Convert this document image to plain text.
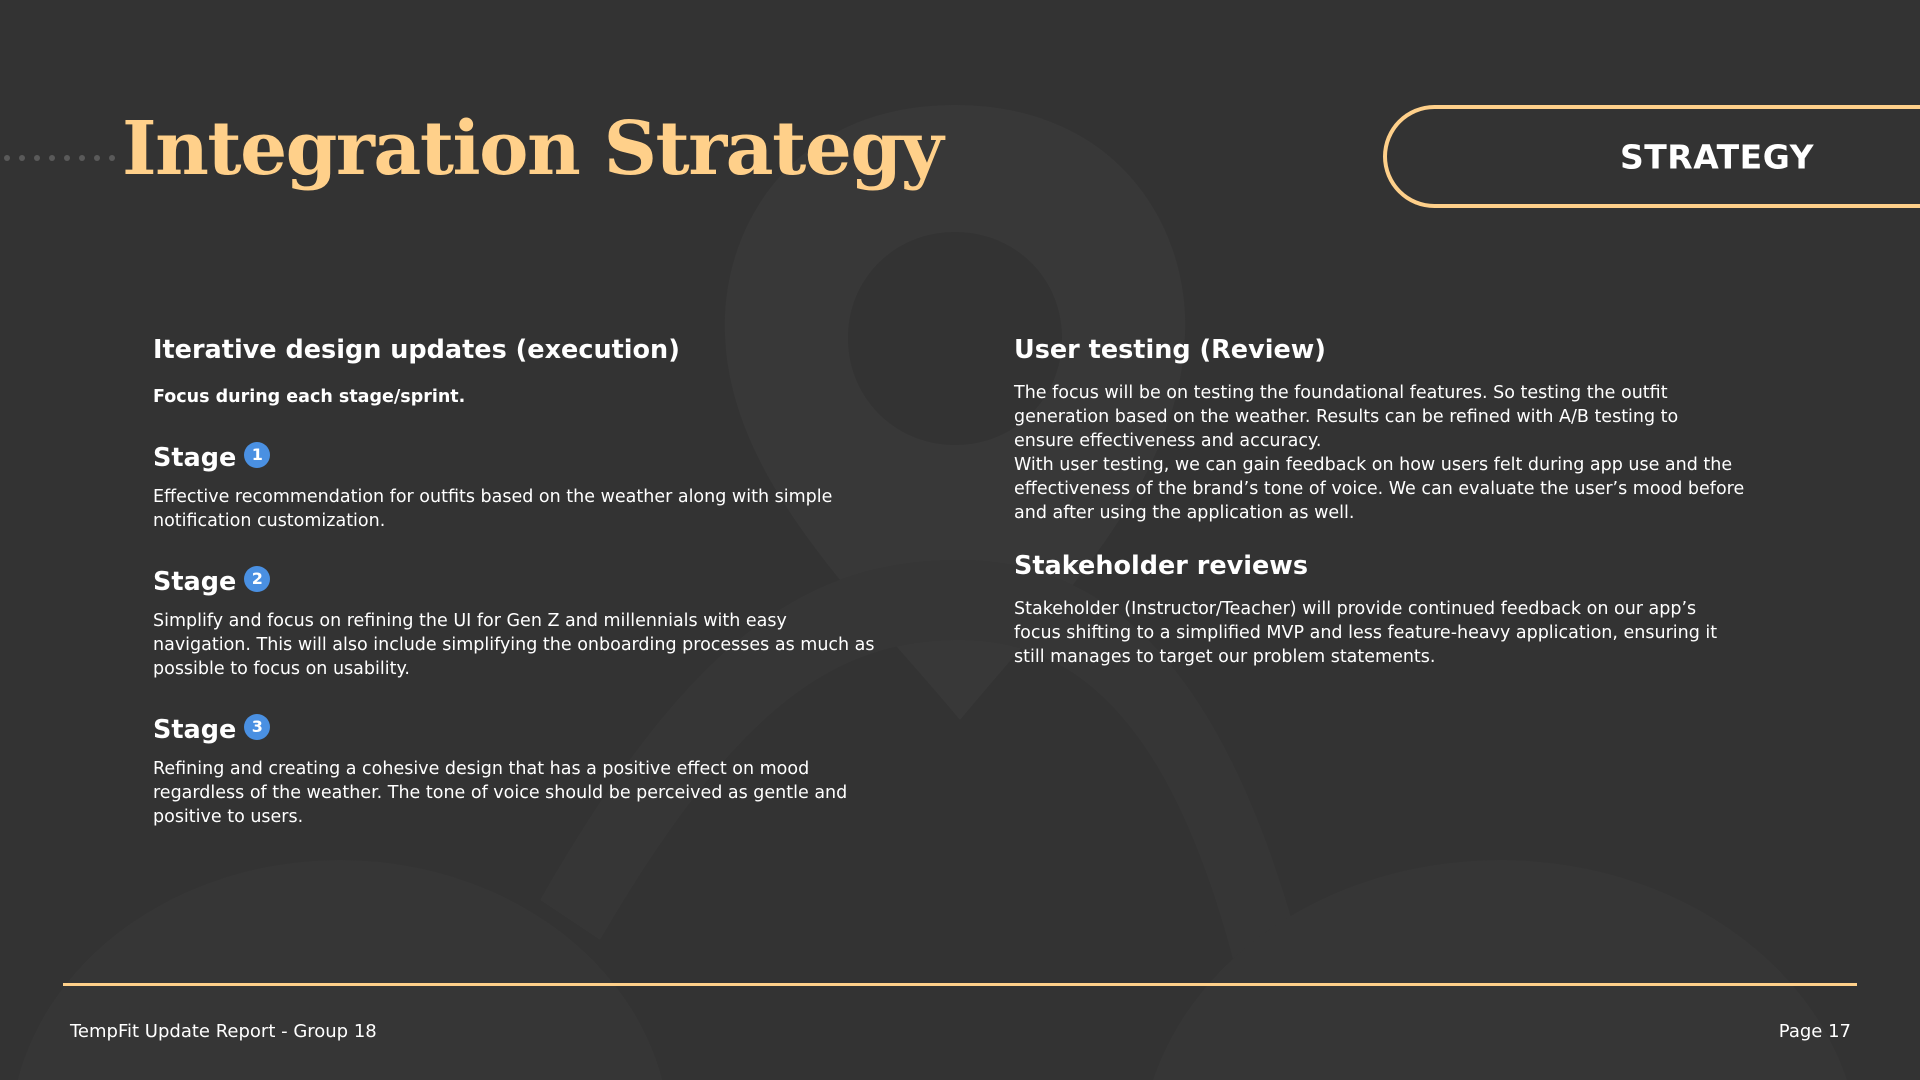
Integration Strategy	STRATEGY
Iterative design updates (execution)

Focus during each stage/sprint.

Stage 1

Effective recommendation for outfits based on the weather along with simple
notification customization.

Stage 2

Simplify and focus on refining the UI for Gen Z and millennials with easy
navigation. This will also include simplifying the onboarding processes as much as
possible to focus on usability.

Stage 3

Refining and creating a cohesive design that has a positive effect on mood
regardless of the weather. The tone of voice should be perceived as gentle and
positive to users.

User testing (Review)

The focus will be on testing the foundational features. So testing the outfit
generation based on the weather. Results can be refined with A/B testing to
ensure effectiveness and accuracy.
With user testing, we can gain feedback on how users felt during app use and the
effectiveness of the brand’s tone of voice. We can evaluate the user’s mood before
and after using the application as well.

Stakeholder reviews

Stakeholder (Instructor/Teacher) will provide continued feedback on our app’s
focus shifting to a simplified MVP and less feature-heavy application, ensuring it
still manages to target our problem statements.

TempFit Update Report - Group 18	Page 17
